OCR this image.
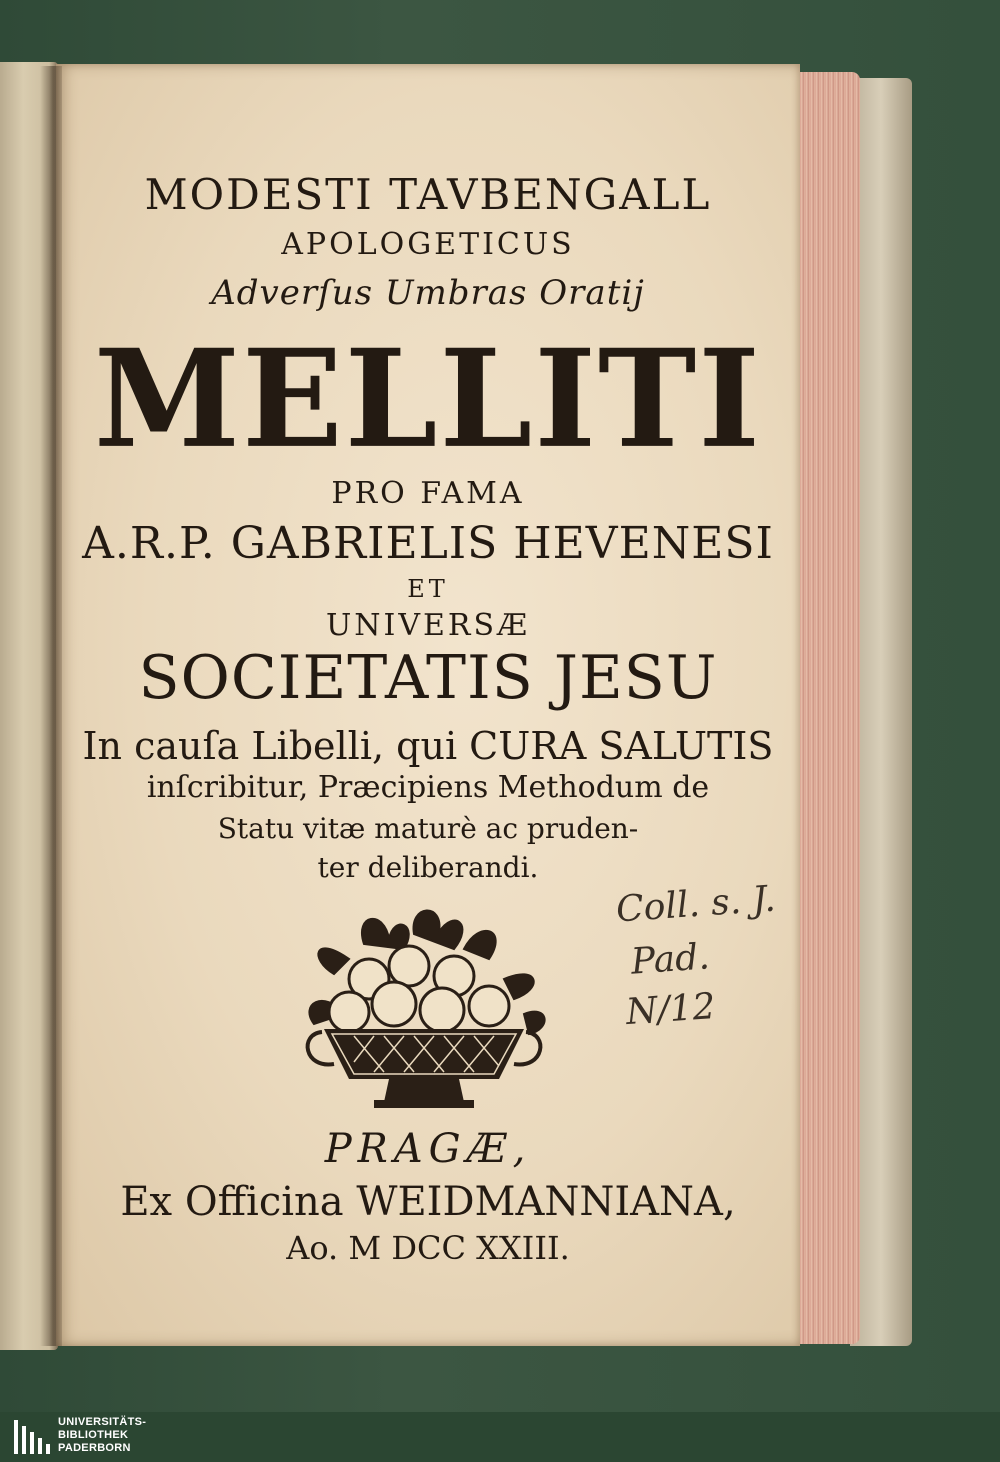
MODESTI TAVBENGALL
APOLOGETICUS
Adverſus Umbras Oratij
MELLITI
PRO FAMA
A.R.P. GABRIELIS HEVENESI
ET
UNIVERSÆ
SOCIETATIS JESU
In cauſa Libelli, qui CURA SALUTIS
inſcribitur, Præcipiens Methodum de
Statu vitæ maturè ac pruden-
ter deliberandi.
PRAGÆ,
Ex Officina WEIDMANNIANA,
Ao. M DCC XXIII.
Coll. s. J.
Pad.
N/12
UNIVERSITÄTS-
BIBLIOTHEK
PADERBORN
